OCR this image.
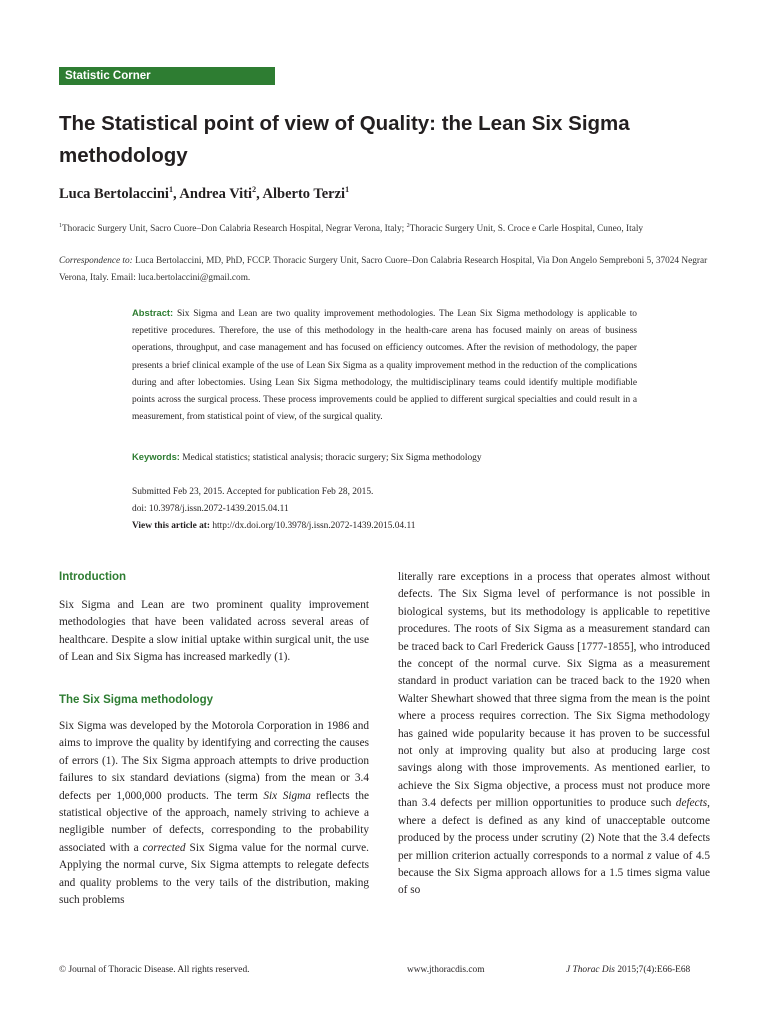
Statistic Corner
The Statistical point of view of Quality: the Lean Six Sigma methodology
Luca Bertolaccini$^1$, Andrea Viti$^2$, Alberto Terzi$^1$
$^1$Thoracic Surgery Unit, Sacro Cuore–Don Calabria Research Hospital, Negrar Verona, Italy; $^2$Thoracic Surgery Unit, S. Croce e Carle Hospital, Cuneo, Italy
Correspondence to: Luca Bertolaccini, MD, PhD, FCCP. Thoracic Surgery Unit, Sacro Cuore–Don Calabria Research Hospital, Via Don Angelo Sempreboni 5, 37024 Negrar Verona, Italy. Email: luca.bertolaccini@gmail.com.
Abstract: Six Sigma and Lean are two quality improvement methodologies. The Lean Six Sigma methodology is applicable to repetitive procedures. Therefore, the use of this methodology in the health-care arena has focused mainly on areas of business operations, throughput, and case management and has focused on efficiency outcomes. After the revision of methodology, the paper presents a brief clinical example of the use of Lean Six Sigma as a quality improvement method in the reduction of the complications during and after lobectomies. Using Lean Six Sigma methodology, the multidisciplinary teams could identify multiple modifiable points across the surgical process. These process improvements could be applied to different surgical specialties and could result in a measurement, from statistical point of view, of the surgical quality.
Keywords: Medical statistics; statistical analysis; thoracic surgery; Six Sigma methodology
Submitted Feb 23, 2015. Accepted for publication Feb 28, 2015.
doi: 10.3978/j.issn.2072-1439.2015.04.11
View this article at: http://dx.doi.org/10.3978/j.issn.2072-1439.2015.04.11
Introduction
Six Sigma and Lean are two prominent quality improvement methodologies that have been validated across several areas of healthcare. Despite a slow initial uptake within surgical unit, the use of Lean and Six Sigma has increased markedly (1).
The Six Sigma methodology
Six Sigma was developed by the Motorola Corporation in 1986 and aims to improve the quality by identifying and correcting the causes of errors (1). The Six Sigma approach attempts to drive production failures to six standard deviations (sigma) from the mean or 3.4 defects per 1,000,000 products. The term Six Sigma reflects the statistical objective of the approach, namely striving to achieve a negligible number of defects, corresponding to the probability associated with a corrected Six Sigma value for the normal curve. Applying the normal curve, Six Sigma attempts to relegate defects and quality problems to the very tails of the distribution, making such problems
literally rare exceptions in a process that operates almost without defects. The Six Sigma level of performance is not possible in biological systems, but its methodology is applicable to repetitive procedures. The roots of Six Sigma as a measurement standard can be traced back to Carl Frederick Gauss [1777-1855], who introduced the concept of the normal curve. Six Sigma as a measurement standard in product variation can be traced back to the 1920 when Walter Shewhart showed that three sigma from the mean is the point where a process requires correction. The Six Sigma methodology has gained wide popularity because it has proven to be successful not only at improving quality but also at producing large cost savings along with those improvements. As mentioned earlier, to achieve the Six Sigma objective, a process must not produce more than 3.4 defects per million opportunities to produce such defects, where a defect is defined as any kind of unacceptable outcome produced by the process under scrutiny (2) Note that the 3.4 defects per million criterion actually corresponds to a normal z value of 4.5 because the Six Sigma approach allows for a 1.5 times sigma value of so
© Journal of Thoracic Disease. All rights reserved.	www.jthoracdis.com	J Thorac Dis 2015;7(4):E66-E68
